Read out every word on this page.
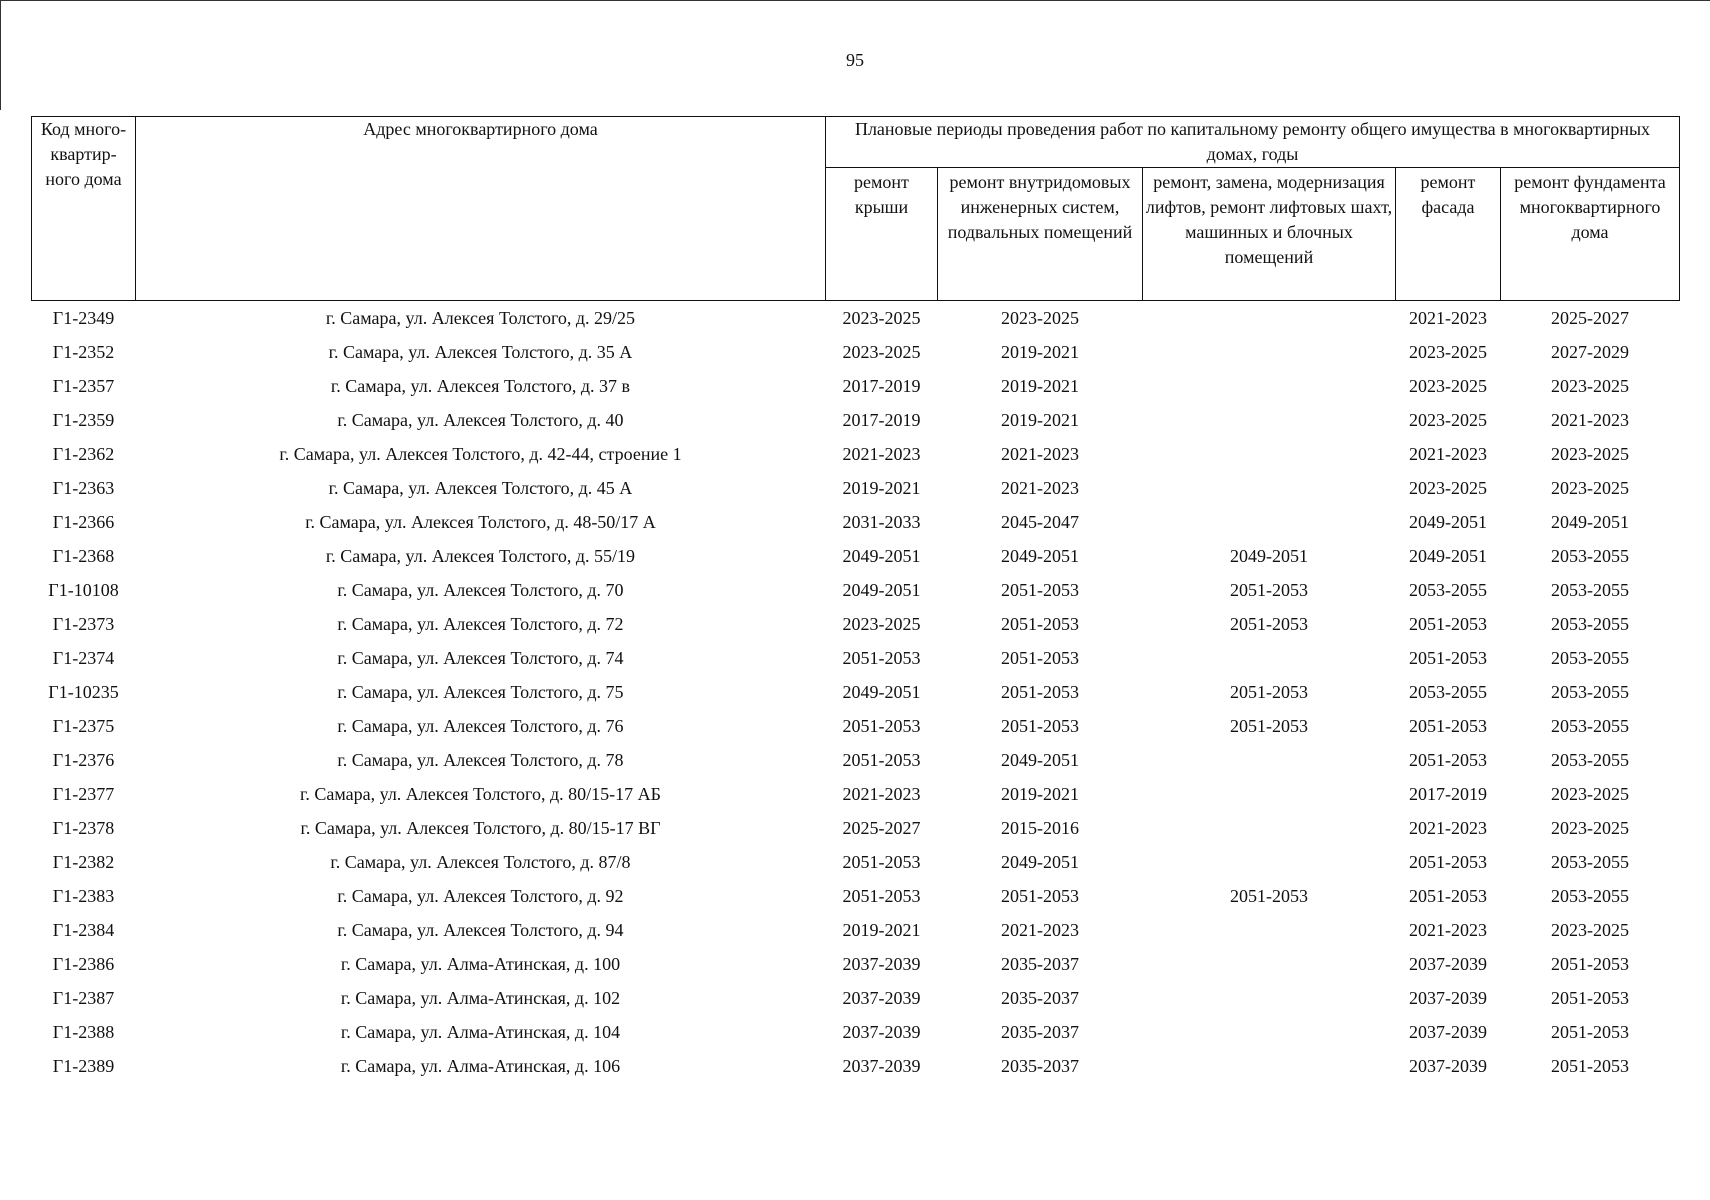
95
Код много-квартир-ного дома	Адрес многоквартирного дома	Плановые периоды проведения работ по капитальному ремонту общего имущества в многоквартирных домах, годы				
		ремонт крыши	ремонт внутридомовых инженерных систем, подвальных помещений	ремонт, замена, модернизация лифтов, ремонт лифтовых шахт, машинных и блочных помещений	ремонт фасада	ремонт фундамента многоквартирного дома
Г1-2349	г. Самара, ул. Алексея Толстого, д. 29/25	2023-2025	2023-2025		2021-2023	2025-2027
Г1-2352	г. Самара, ул. Алексея Толстого, д. 35 А	2023-2025	2019-2021		2023-2025	2027-2029
Г1-2357	г. Самара, ул. Алексея Толстого, д. 37 в	2017-2019	2019-2021		2023-2025	2023-2025
Г1-2359	г. Самара, ул. Алексея Толстого, д. 40	2017-2019	2019-2021		2023-2025	2021-2023
Г1-2362	г. Самара, ул. Алексея Толстого, д. 42-44, строение 1	2021-2023	2021-2023		2021-2023	2023-2025
Г1-2363	г. Самара, ул. Алексея Толстого, д. 45 А	2019-2021	2021-2023		2023-2025	2023-2025
Г1-2366	г. Самара, ул. Алексея Толстого, д. 48-50/17 А	2031-2033	2045-2047		2049-2051	2049-2051
Г1-2368	г. Самара, ул. Алексея Толстого, д. 55/19	2049-2051	2049-2051	2049-2051	2049-2051	2053-2055
Г1-10108	г. Самара, ул. Алексея Толстого, д. 70	2049-2051	2051-2053	2051-2053	2053-2055	2053-2055
Г1-2373	г. Самара, ул. Алексея Толстого, д. 72	2023-2025	2051-2053	2051-2053	2051-2053	2053-2055
Г1-2374	г. Самара, ул. Алексея Толстого, д. 74	2051-2053	2051-2053		2051-2053	2053-2055
Г1-10235	г. Самара, ул. Алексея Толстого, д. 75	2049-2051	2051-2053	2051-2053	2053-2055	2053-2055
Г1-2375	г. Самара, ул. Алексея Толстого, д. 76	2051-2053	2051-2053	2051-2053	2051-2053	2053-2055
Г1-2376	г. Самара, ул. Алексея Толстого, д. 78	2051-2053	2049-2051		2051-2053	2053-2055
Г1-2377	г. Самара, ул. Алексея Толстого, д. 80/15-17 АБ	2021-2023	2019-2021		2017-2019	2023-2025
Г1-2378	г. Самара, ул. Алексея Толстого, д. 80/15-17 ВГ	2025-2027	2015-2016		2021-2023	2023-2025
Г1-2382	г. Самара, ул. Алексея Толстого, д. 87/8	2051-2053	2049-2051		2051-2053	2053-2055
Г1-2383	г. Самара, ул. Алексея Толстого, д. 92	2051-2053	2051-2053	2051-2053	2051-2053	2053-2055
Г1-2384	г. Самара, ул. Алексея Толстого, д. 94	2019-2021	2021-2023		2021-2023	2023-2025
Г1-2386	г. Самара, ул. Алма-Атинская, д. 100	2037-2039	2035-2037		2037-2039	2051-2053
Г1-2387	г. Самара, ул. Алма-Атинская, д. 102	2037-2039	2035-2037		2037-2039	2051-2053
Г1-2388	г. Самара, ул. Алма-Атинская, д. 104	2037-2039	2035-2037		2037-2039	2051-2053
Г1-2389	г. Самара, ул. Алма-Атинская, д. 106	2037-2039	2035-2037		2037-2039	2051-2053
